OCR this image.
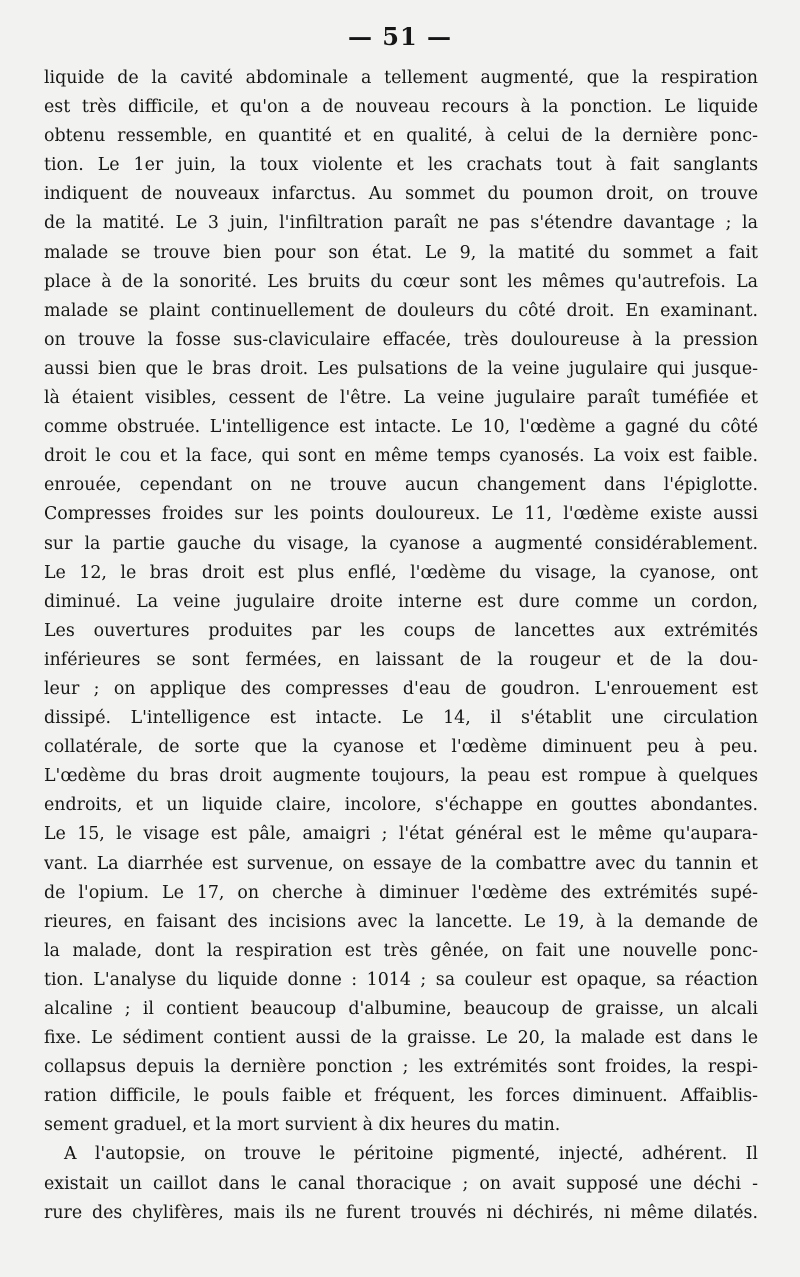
— 51 —
liquide de la cavité abdominale a tellement augmenté, que la respiration
est très difficile, et qu'on a de nouveau recours à la ponction. Le liquide
obtenu ressemble, en quantité et en qualité, à celui de la dernière ponc-
tion. Le 1er juin, la toux violente et les crachats tout à fait sanglants
indiquent de nouveaux infarctus. Au sommet du poumon droit, on trouve
de la matité. Le 3 juin, l'infiltration paraît ne pas s'étendre davantage ; la
malade se trouve bien pour son état. Le 9, la matité du sommet a fait
place à de la sonorité. Les bruits du cœur sont les mêmes qu'autrefois. La
malade se plaint continuellement de douleurs du côté droit. En examinant.
on trouve la fosse sus-claviculaire effacée, très douloureuse à la pression
aussi bien que le bras droit. Les pulsations de la veine jugulaire qui jusque-
là étaient visibles, cessent de l'être. La veine jugulaire paraît tuméfiée et
comme obstruée. L'intelligence est intacte. Le 10, l'œdème a gagné du côté
droit le cou et la face, qui sont en même temps cyanosés. La voix est faible.
enrouée, cependant on ne trouve aucun changement dans l'épiglotte.
Compresses froides sur les points douloureux. Le 11, l'œdème existe aussi
sur la partie gauche du visage, la cyanose a augmenté considérablement.
Le 12, le bras droit est plus enflé, l'œdème du visage, la cyanose, ont
diminué. La veine jugulaire droite interne est dure comme un cordon,
Les ouvertures produites par les coups de lancettes aux extrémités
inférieures se sont fermées, en laissant de la rougeur et de la dou-
leur ; on applique des compresses d'eau de goudron. L'enrouement est
dissipé. L'intelligence est intacte. Le 14, il s'établit une circulation
collatérale, de sorte que la cyanose et l'œdème diminuent peu à peu.
L'œdème du bras droit augmente toujours, la peau est rompue à quelques
endroits, et un liquide claire, incolore, s'échappe en gouttes abondantes.
Le 15, le visage est pâle, amaigri ; l'état général est le même qu'aupara-
vant. La diarrhée est survenue, on essaye de la combattre avec du tannin et
de l'opium. Le 17, on cherche à diminuer l'œdème des extrémités supé-
rieures, en faisant des incisions avec la lancette. Le 19, à la demande de
la malade, dont la respiration est très gênée, on fait une nouvelle ponc-
tion. L'analyse du liquide donne : 1014 ; sa couleur est opaque, sa réaction
alcaline ; il contient beaucoup d'albumine, beaucoup de graisse, un alcali
fixe. Le sédiment contient aussi de la graisse. Le 20, la malade est dans le
collapsus depuis la dernière ponction ; les extrémités sont froides, la respi-
ration difficile, le pouls faible et fréquent, les forces diminuent. Affaiblis-
sement graduel, et la mort survient à dix heures du matin.
A l'autopsie, on trouve le péritoine pigmenté, injecté, adhérent. Il
existait un caillot dans le canal thoracique ; on avait supposé une déchi -
rure des chylifères, mais ils ne furent trouvés ni déchirés, ni même dilatés.
